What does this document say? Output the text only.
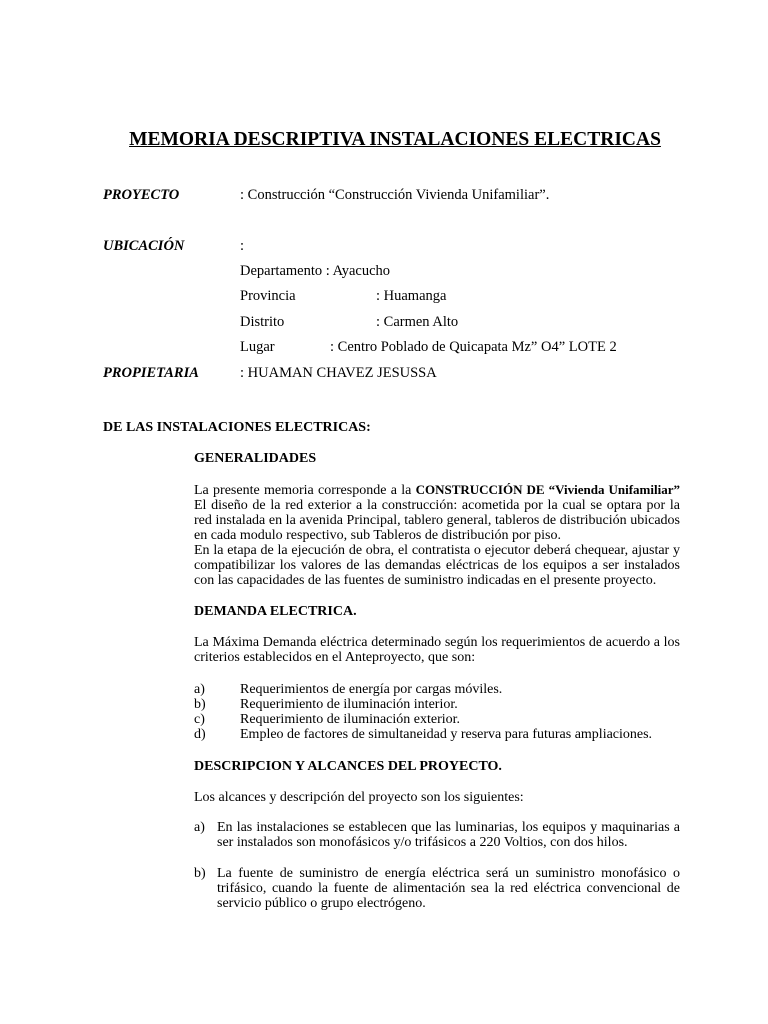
MEMORIA DESCRIPTIVA INSTALACIONES ELECTRICAS
PROYECTO	: Construcción “Construcción Vivienda Unifamiliar”.
UBICACIÓN	:
Departamento : Ayacucho
Provincia	: Huamanga
Distrito	: Carmen Alto
Lugar	: Centro Poblado de Quicapata Mz” O4” LOTE 2
PROPIETARIA	: HUAMAN CHAVEZ JESUSSA
DE LAS INSTALACIONES ELECTRICAS:
GENERALIDADES
La presente memoria corresponde a la CONSTRUCCIÓN DE “Vivienda Unifamiliar” El diseño de la red exterior a la construcción: acometida por la cual se optara por la red instalada en la avenida Principal, tablero general, tableros de distribución ubicados en cada modulo respectivo, sub Tableros de distribución por piso.
En la etapa de la ejecución de obra, el contratista o ejecutor deberá chequear, ajustar y compatibilizar los valores de las demandas eléctricas de los equipos a ser instalados con las capacidades de las fuentes de suministro indicadas en el presente proyecto.
DEMANDA ELECTRICA.
La Máxima Demanda eléctrica determinado según los requerimientos de acuerdo a los criterios establecidos en el Anteproyecto, que son:
a)	Requerimientos de energía por cargas móviles.
b) Requerimiento de iluminación interior.
c)	Requerimiento de iluminación exterior.
d) Empleo de factores de simultaneidad y reserva para futuras ampliaciones.
DESCRIPCION Y ALCANCES DEL PROYECTO.
Los alcances y descripción del proyecto son los siguientes:
a) En las instalaciones se establecen que las luminarias, los equipos y maquinarias a ser instalados son monofásicos y/o trifásicos a 220 Voltios, con dos hilos.
b) La fuente de suministro de energía eléctrica será un suministro monofásico o trifásico, cuando la fuente de alimentación sea la red eléctrica convencional de servicio público o grupo electrógeno.
